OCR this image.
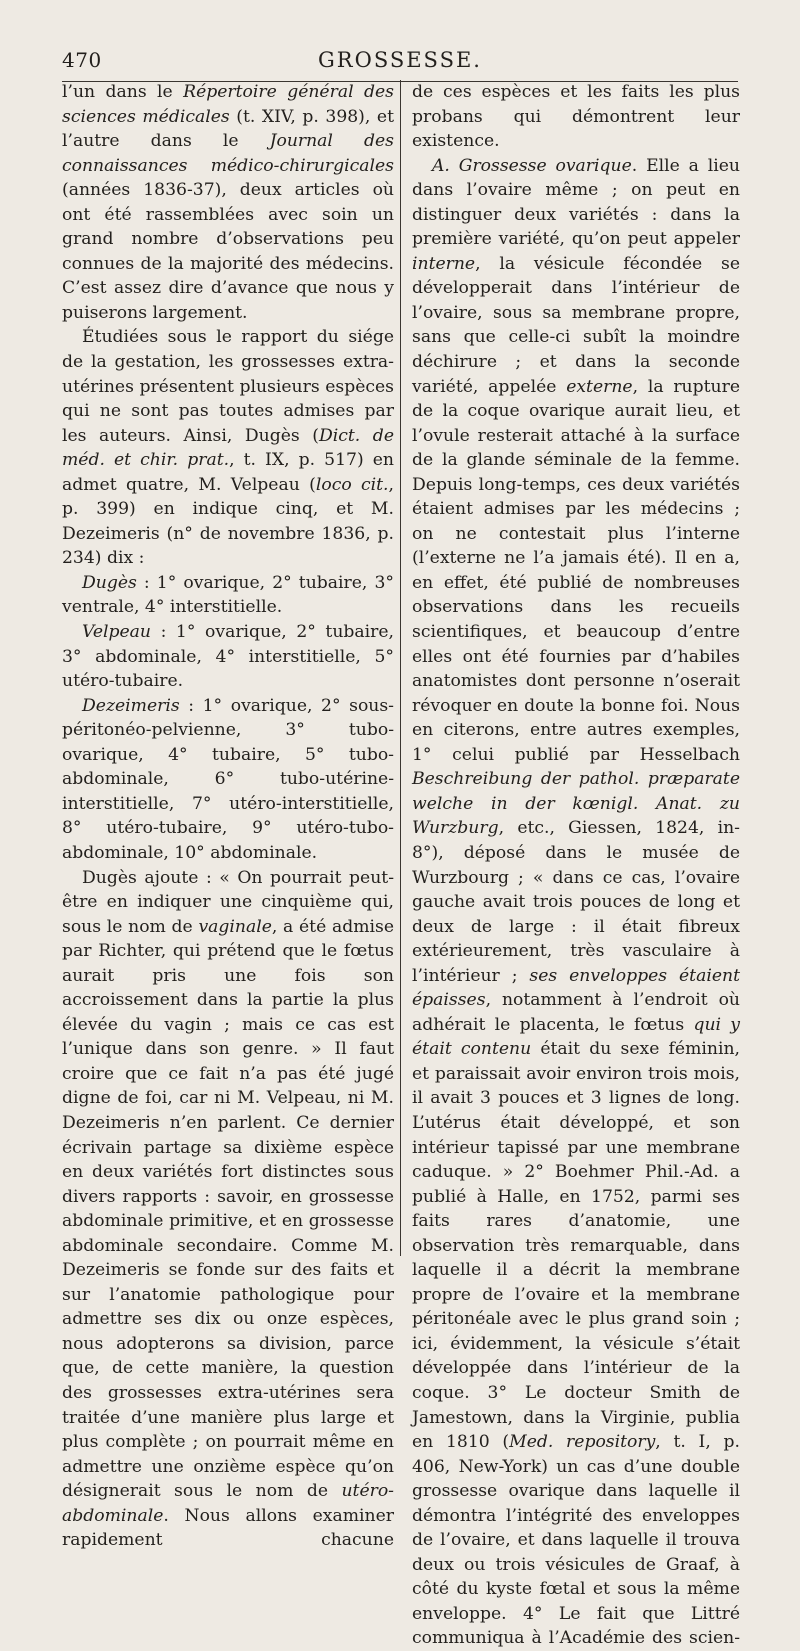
470	GROSSESSE.

l’un dans le Répertoire général des sciences médicales (t. XIV, p. 398), et l’autre dans le Journal des connaissances médico-chirurgicales (années 1836-37), deux articles où ont été rassemblées avec soin un grand nombre d’observations peu connues de la majorité des médecins. C’est assez dire d’avance que nous y puiserons largement.

Étudiées sous le rapport du siége de la gestation, les grossesses extra-utérines présentent plusieurs espèces qui ne sont pas toutes admises par les auteurs. Ainsi, Dugès (Dict. de méd. et chir. prat., t. IX, p. 517) en admet quatre, M. Velpeau (loco cit., p. 399) en indique cinq, et M. Dezeimeris (n° de novembre 1836, p. 234) dix :

Dugès : 1° ovarique, 2° tubaire, 3° ventrale, 4° interstitielle.

Velpeau : 1° ovarique, 2° tubaire, 3° abdominale, 4° interstitielle, 5° utéro-tubaire.

Dezeimeris : 1° ovarique, 2° sous-péritonéo-pelvienne, 3° tubo-ovarique, 4° tubaire, 5° tubo-abdominale, 6° tubo-utérine-interstitielle, 7° utéro-interstitielle, 8° utéro-tubaire, 9° utéro-tubo-abdominale, 10° abdominale.

Dugès ajoute : « On pourrait peut-être en indiquer une cinquième qui, sous le nom de vaginale, a été admise par Richter, qui prétend que le fœtus aurait pris une fois son accroissement dans la partie la plus élevée du vagin ; mais ce cas est l’unique dans son genre. » Il faut croire que ce fait n’a pas été jugé digne de foi, car ni M. Velpeau, ni M. Dezeimeris n’en parlent. Ce dernier écrivain partage sa dixième espèce en deux variétés fort distinctes sous divers rapports : savoir, en grossesse abdominale primitive, et en grossesse abdominale secondaire. Comme M. Dezeimeris se fonde sur des faits et sur l’anatomie pathologique pour admettre ses dix ou onze espèces, nous adopterons sa division, parce que, de cette manière, la question des grossesses extra-utérines sera traitée d’une manière plus large et plus complète ; on pourrait même en admettre une onzième espèce qu’on désignerait sous le nom de utéro-abdominale. Nous allons examiner rapidement chacune

de ces espèces et les faits les plus probans qui démontrent leur existence.

A. Grossesse ovarique. Elle a lieu dans l’ovaire même ; on peut en distinguer deux variétés : dans la première variété, qu’on peut appeler interne, la vésicule fécondée se développerait dans l’intérieur de l’ovaire, sous sa membrane propre, sans que celle-ci subît la moindre déchirure ; et dans la seconde variété, appelée externe, la rupture de la coque ovarique aurait lieu, et l’ovule resterait attaché à la surface de la glande séminale de la femme. Depuis long-temps, ces deux variétés étaient admises par les médecins ; on ne contestait plus l’interne (l’externe ne l’a jamais été). Il en a, en effet, été publié de nombreuses observations dans les recueils scientifiques, et beaucoup d’entre elles ont été fournies par d’habiles anatomistes dont personne n’oserait révoquer en doute la bonne foi. Nous en citerons, entre autres exemples, 1° celui publié par Hesselbach Beschreibung der pathol. præparate welche in der kœnigl. Anat. zu Wurzburg, etc., Giessen, 1824, in-8°), déposé dans le musée de Wurzbourg ; « dans ce cas, l’ovaire gauche avait trois pouces de long et deux de large : il était fibreux extérieurement, très vasculaire à l’intérieur ; ses enveloppes étaient épaisses, notamment à l’endroit où adhérait le placenta, le fœtus qui y était contenu était du sexe féminin, et paraissait avoir environ trois mois, il avait 3 pouces et 3 lignes de long. L’utérus était développé, et son intérieur tapissé par une membrane caduque. » 2° Boehmer Phil.-Ad. a publié à Halle, en 1752, parmi ses faits rares d’anatomie, une observation très remarquable, dans laquelle il a décrit la membrane propre de l’ovaire et la membrane péritonéale avec le plus grand soin ; ici, évidemment, la vésicule s’était développée dans l’intérieur de la coque. 3° Le docteur Smith de Jamestown, dans la Virginie, publia en 1810 (Med. repository, t. I, p. 406, New-York) un cas d’une double grossesse ovarique dans laquelle il démontra l’intégrité des enveloppes de l’ovaire, et dans laquelle il trouva deux ou trois vésicules de Graaf, à côté du kyste fœtal et sous la même enveloppe. 4° Le fait que Littré communiqua à l’Académie des scien-
